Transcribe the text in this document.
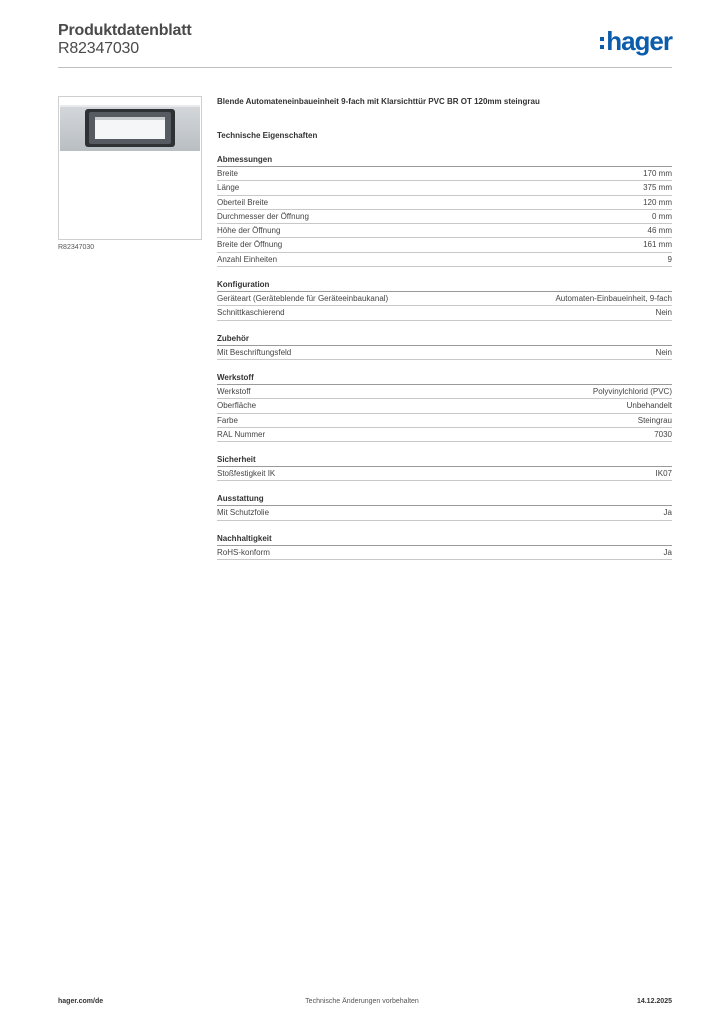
Produktdatenblatt
R82347030	hager
R82347030
Blende Automateneinbaueinheit 9-fach mit Klarsichttür PVC BR OT 120mm steingrau
Technische Eigenschaften
Abmessungen
Breite	170 mm
Länge	375 mm
Oberteil Breite	120 mm
Durchmesser der Öffnung	0 mm
Höhe der Öffnung	46 mm
Breite der Öffnung	161 mm
Anzahl Einheiten	9
Konfiguration
Geräteart (Geräteblende für Geräteeinbaukanal)	Automaten-Einbaueinheit, 9-fach
Schnittkaschierend	Nein
Zubehör
Mit Beschriftungsfeld	Nein
Werkstoff
Werkstoff	Polyvinylchlorid (PVC)
Oberfläche	Unbehandelt
Farbe	Steingrau
RAL Nummer	7030
Sicherheit
Stoßfestigkeit IK	IK07
Ausstattung
Mit Schutzfolie	Ja
Nachhaltigkeit
RoHS-konform	Ja
hager.com/de	Technische Änderungen vorbehalten	14.12.2025
